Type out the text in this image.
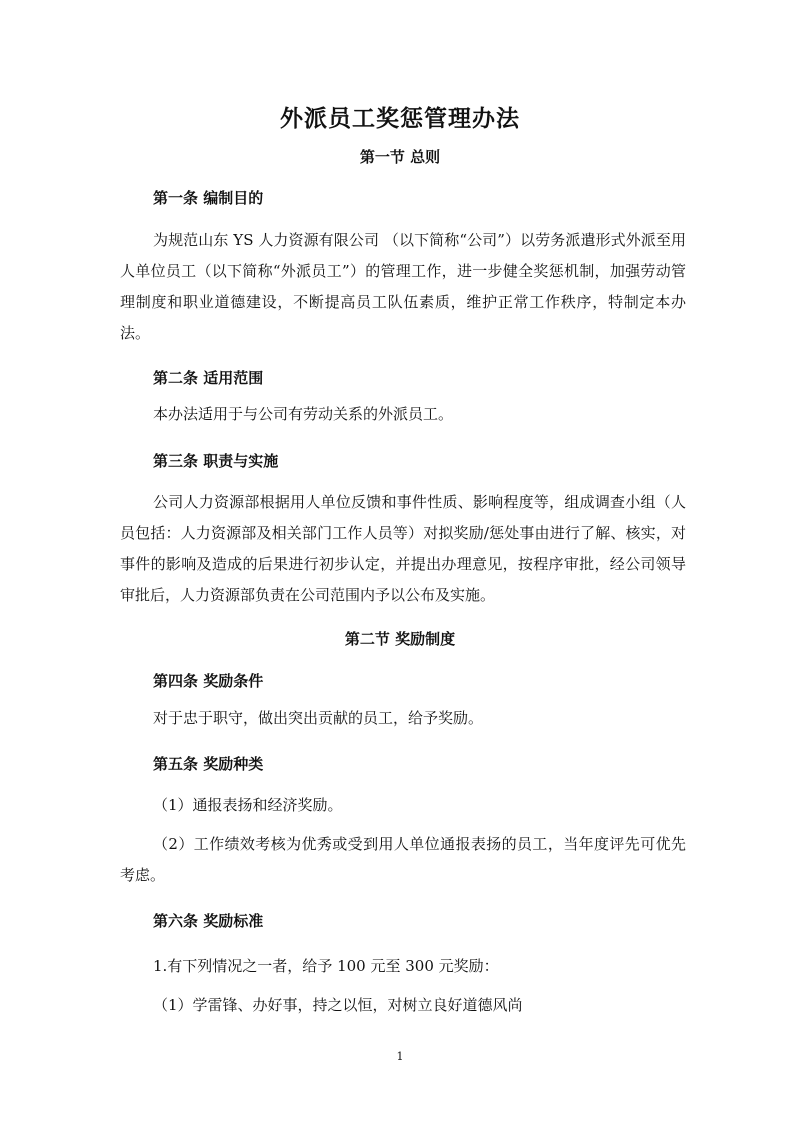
外派员工奖惩管理办法
第一节 总则
第一条 编制目的
为规范山东 YS 人力资源有限公司 （以下简称“公司”）以劳务派遣形式外派至用人单位员工（以下简称“外派员工”）的管理工作，进一步健全奖惩机制，加强劳动管理制度和职业道德建设，不断提高员工队伍素质，维护正常工作秩序，特制定本办法。
第二条 适用范围
本办法适用于与公司有劳动关系的外派员工。
第三条 职责与实施
公司人力资源部根据用人单位反馈和事件性质、影响程度等，组成调查小组（人员包括：人力资源部及相关部门工作人员等）对拟奖励/惩处事由进行了解、核实，对事件的影响及造成的后果进行初步认定，并提出办理意见，按程序审批，经公司领导审批后，人力资源部负责在公司范围内予以公布及实施。
第二节 奖励制度
第四条 奖励条件
对于忠于职守，做出突出贡献的员工，给予奖励。
第五条 奖励种类
（1）通报表扬和经济奖励。
（2）工作绩效考核为优秀或受到用人单位通报表扬的员工，当年度评先可优先考虑。
第六条 奖励标准
1.有下列情况之一者，给予 100 元至 300 元奖励：
（1）学雷锋、办好事，持之以恒，对树立良好道德风尚
1
